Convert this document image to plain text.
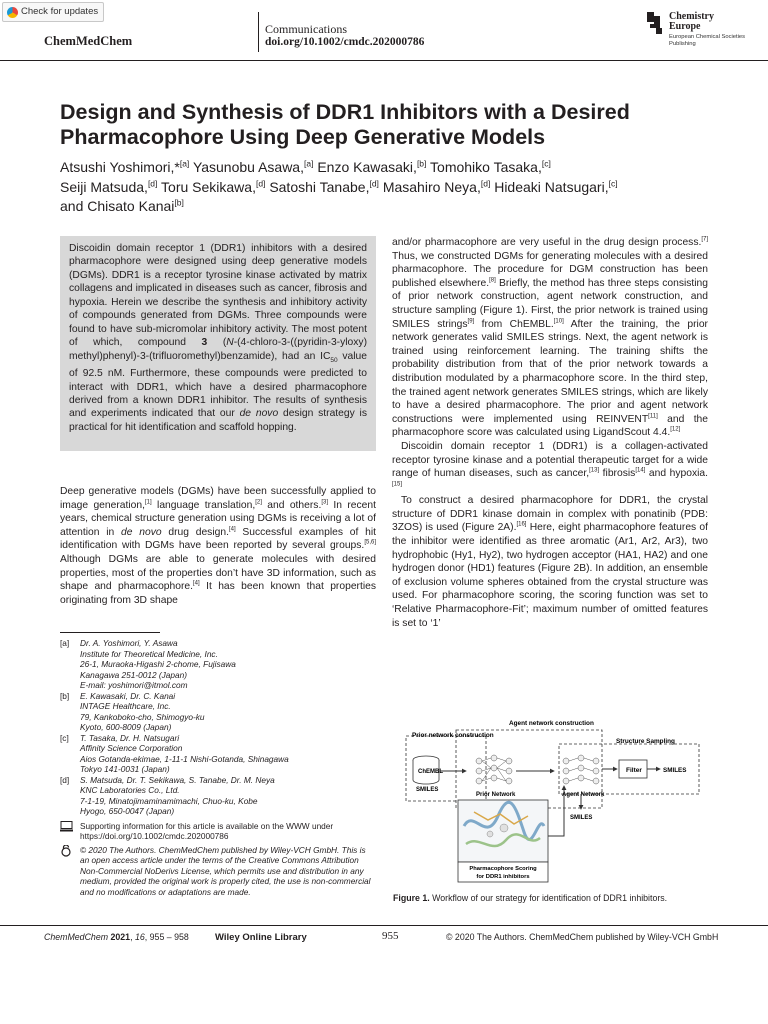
Check for updates
ChemMedChem
Communications
doi.org/10.1002/cmdc.202000786
Chemistry
Europe
European Chemical Societies Publishing
Design and Synthesis of DDR1 Inhibitors with a Desired Pharmacophore Using Deep Generative Models
Atsushi Yoshimori,*[a] Yasunobu Asawa,[a] Enzo Kawasaki,[b] Tomohiko Tasaka,[c]
Seiji Matsuda,[d] Toru Sekikawa,[d] Satoshi Tanabe,[d] Masahiro Neya,[d] Hideaki Natsugari,[c]
and Chisato Kanai[b]

Discoidin domain receptor 1 (DDR1) inhibitors with a desired pharmacophore were designed using deep generative models (DGMs). DDR1 is a receptor tyrosine kinase activated by matrix collagens and implicated in diseases such as cancer, fibrosis and hypoxia. Herein we describe the synthesis and inhibitory activity of compounds generated from DGMs. Three compounds were found to have sub-micromolar inhibitory activity. The most potent of which, compound 3 (N-(4-chloro-3-((pyridin-3-yloxy) methyl)phenyl)-3-(trifluoromethyl)benzamide), had an $IC_{50}$ value of 92.5 nM. Furthermore, these compounds were predicted to interact with DDR1, which have a desired pharmacophore derived from a known DDR1 inhibitor. The results of synthesis and experiments indicated that our de novo design strategy is practical for hit identification and scaffold hopping.

Deep generative models (DGMs) have been successfully applied to image generation,[1] language translation,[2] and others.[3] In recent years, chemical structure generation using DGMs is receiving a lot of attention in de novo drug design.[4] Successful examples of hit identification with DGMs have been reported by several groups.[5,6] Although DGMs are able to generate molecules with desired properties, most of the properties don’t have 3D information, such as shape and pharmacophore.[4] It has been known that properties originating from 3D shape

[a]	Dr. A. Yoshimori, Y. Asawa
Institute for Theoretical Medicine, Inc.
26-1, Muraoka-Higashi 2-chome, Fujisawa
Kanagawa 251-0012 (Japan)
E-mail: yoshimori@itmol.com
[b]	E. Kawasaki, Dr. C. Kanai
INTAGE Healthcare, Inc.
79, Kankoboko-cho, Shimogyo-ku
Kyoto, 600-8009 (Japan)
[c]	T. Tasaka, Dr. H. Natsugari
Affinity Science Corporation
Aios Gotanda-ekimae, 1-11-1 Nishi-Gotanda, Shinagawa
Tokyo 141-0031 (Japan)
[d]	S. Matsuda, Dr. T. Sekikawa, S. Tanabe, Dr. M. Neya
KNC Laboratories Co., Ltd.
7-1-19, Minatojimaminamimachi, Chuo-ku, Kobe
Hyogo, 650-0047 (Japan)
Supporting information for this article is available on the WWW under https://doi.org/10.1002/cmdc.202000786
© 2020 The Authors. ChemMedChem published by Wiley-VCH GmbH. This is an open access article under the terms of the Creative Commons Attribution Non-Commercial NoDerivs License, which permits use and distribution in any medium, provided the original work is properly cited, the use is non-commercial and no modifications or adaptations are made.

and/or pharmacophore are very useful in the drug design process.[7] Thus, we constructed DGMs for generating molecules with a desired pharmacophore. The procedure for DGM construction has been published elsewhere.[8] Briefly, the method has three steps consisting of prior network construction, agent network construction, and structure sampling (Figure 1). First, the prior network is trained using SMILES strings[9] from ChEMBL.[10] After the training, the prior network generates valid SMILES strings. Next, the agent network is trained using reinforcement learning. The training shifts the probability distribution from that of the prior network towards a distribution modulated by a pharmacophore score. In the third step, the trained agent network generates SMILES strings, which are likely to have a desired pharmacophore. The prior and agent network constructions were implemented using REINVENT[11] and the pharmacophore score was calculated using LigandScout 4.4.[12]

Discoidin domain receptor 1 (DDR1) is a collagen-activated receptor tyrosine kinase and a potential therapeutic target for a wide range of human diseases, such as cancer,[13] fibrosis[14] and hypoxia.[15]

To construct a desired pharmacophore for DDR1, the crystal structure of DDR1 kinase domain in complex with ponatinib (PDB: 3ZOS) is used (Figure 2A).[16] Here, eight pharmacophore features of the inhibitor were identified as three aromatic (Ar1, Ar2, Ar3), two hydrophobic (Hy1, Hy2), two hydrogen acceptor (HA1, HA2) and one hydrogen donor (HD1) features (Figure 2B). In addition, an ensemble of exclusion volume spheres obtained from the crystal structure was used. For pharmacophore scoring, the scoring function was set to ‘Relative Pharmacophore-Fit’; maximum number of omitted features is set to ‘1’

Prior network construction
Agent network construction
Structure Sampling
ChEMBL
SMILES
Prior Network	Agent Network
Filter	SMILES
SMILES
Pharmacophore Scoring
for DDR1 inhibitors
Figure 1. Workflow of our strategy for identification of DDR1 inhibitors.
ChemMedChem 2021, 16, 955 – 958	Wiley Online Library	955	© 2020 The Authors. ChemMedChem published by Wiley-VCH GmbH
